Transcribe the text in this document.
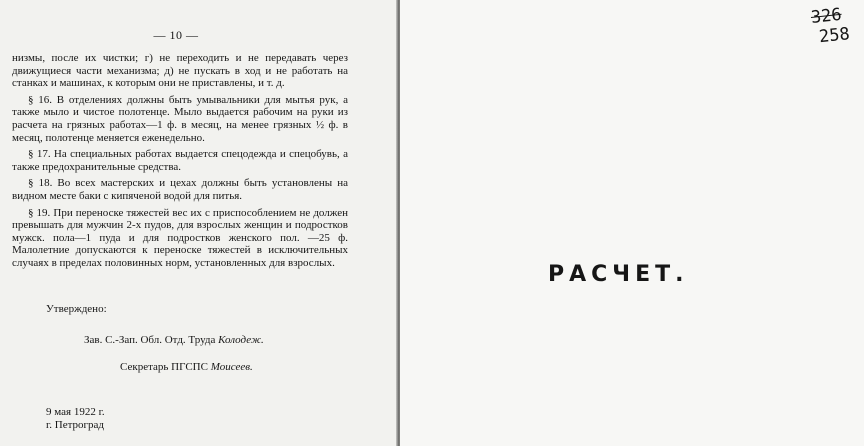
— 10 —

низмы, после их чистки; г) не переходить и не передавать через движущиеся части механизма; д) не пускать в ход и не работать на станках и машинах, к которым они не приставлены, и т. д.

§ 16. В отделениях должны быть умывальники для мытья рук, а также мыло и чистое полотенце. Мыло выдается рабочим на руки из расчета на грязных работах—1 ф. в месяц, на менее грязных ½ ф. в месяц, полотенце меняется еженедельно.

§ 17. На специальных работах выдается спецодежда и спецобувь, а также предохранительные средства.

§ 18. Во всех мастерских и цехах должны быть установлены на видном месте баки с кипяченой водой для питья.

§ 19. При переноске тяжестей вес их с приспособлением не должен превышать для мужчин 2-х пудов, для взрослых женщин и подростков мужск. пола—1 пуда и для подростков женского пол. —25 ф. Малолетние допускаются к переноске тяжестей в исключительных случаях в пределах половинных норм, установленных для взрослых.

Утверждено:
Зав. С.-Зап. Обл. Отд. Труда Колодеж.
Секретарь ПГСПС Моисеев.
9 мая 1922 г.
г. Петроград
326
258
РАСЧЕТ.
